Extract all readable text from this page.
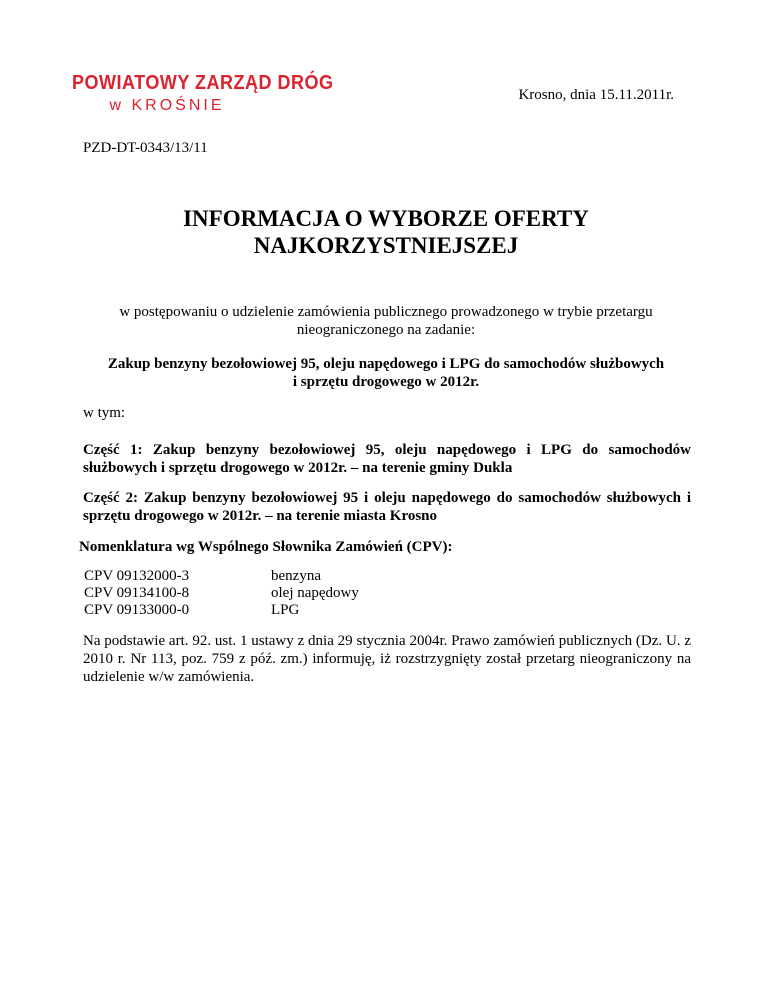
POWIATOWY ZARZĄD DRÓG
w KROŚNIE
Krosno, dnia 15.11.2011r.
PZD-DT-0343/13/11
INFORMACJA O WYBORZE OFERTY
NAJKORZYSTNIEJSZEJ
w postępowaniu o udzielenie zamówienia publicznego prowadzonego w trybie przetargu nieograniczonego na zadanie:
Zakup benzyny bezołowiowej 95, oleju napędowego i LPG do samochodów służbowych
i sprzętu drogowego w 2012r.
w tym:
Część 1: Zakup benzyny bezołowiowej 95, oleju napędowego i LPG do samochodów służbowych i sprzętu drogowego w 2012r. – na terenie gminy Dukla
Część 2: Zakup benzyny bezołowiowej 95 i oleju napędowego do samochodów służbowych i sprzętu drogowego w 2012r. – na terenie miasta Krosno
Nomenklatura wg Wspólnego Słownika Zamówień (CPV):
CPV 09132000-3	benzyna
CPV 09134100-8	olej napędowy
CPV 09133000-0	LPG
Na podstawie art. 92. ust. 1 ustawy z dnia 29 stycznia 2004r. Prawo zamówień publicznych (Dz. U. z 2010 r. Nr 113, poz. 759 z póź. zm.) informuję, iż rozstrzygnięty został przetarg nieograniczony na udzielenie w/w zamówienia.
